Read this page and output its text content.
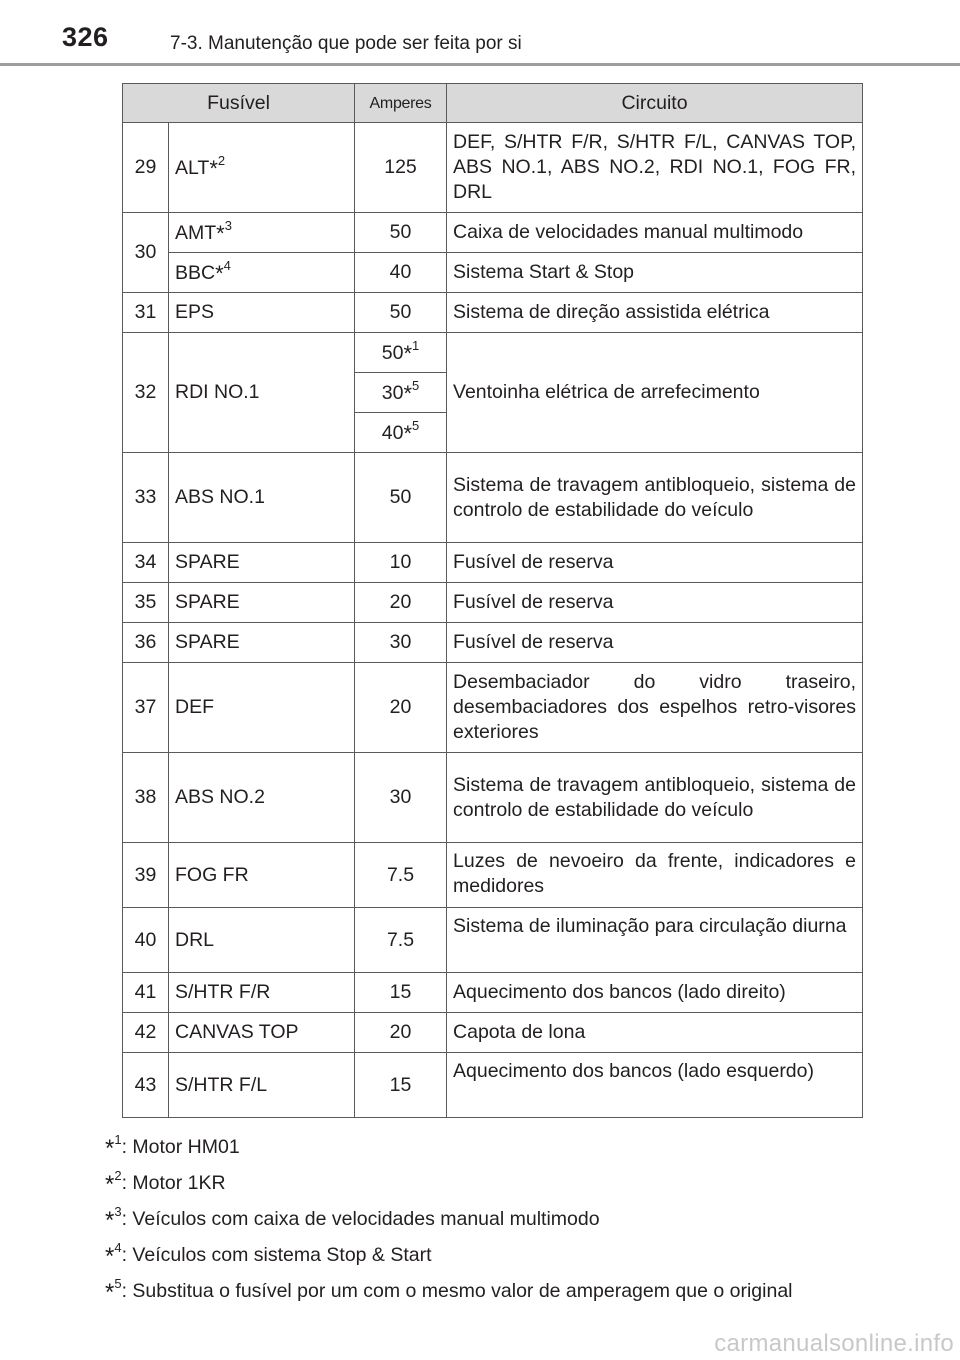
326	7-3. Manutenção que pode ser feita por si
Fusível		Amperes	Circuito
29	ALT*$^2$	125	DEF, S/HTR F/R, S/HTR F/L, CANVAS TOP, ABS NO.1, ABS NO.2, RDI NO.1, FOG FR, DRL
30	AMT*$^3$	50	Caixa de velocidades manual multimodo
	BBC*$^4$	40	Sistema Start & Stop
31	EPS	50	Sistema de direção assistida elétrica
32	RDI NO.1	50*$^1$	Ventoinha elétrica de arrefecimento
		30*$^5$
		40*$^5$
33	ABS NO.1	50	Sistema de travagem antibloqueio, sistema de controlo de estabilidade do veículo
34	SPARE	10	Fusível de reserva
35	SPARE	20	Fusível de reserva
36	SPARE	30	Fusível de reserva
37	DEF	20	Desembaciador do vidro traseiro, desembaciadores dos espelhos retro-visores exteriores
38	ABS NO.2	30	Sistema de travagem antibloqueio, sistema de controlo de estabilidade do veículo
39	FOG FR	7.5	Luzes de nevoeiro da frente, indicadores e medidores
40	DRL	7.5	Sistema de iluminação para circulação diurna
41	S/HTR F/R	15	Aquecimento dos bancos (lado direito)
42	CANVAS TOP	20	Capota de lona
43	S/HTR F/L	15	Aquecimento dos bancos (lado esquerdo)
*$^1$: Motor HM01
*$^2$: Motor 1KR
*$^3$: Veículos com caixa de velocidades manual multimodo
*$^4$: Veículos com sistema Stop & Start
*$^5$: Substitua o fusível por um com o mesmo valor de amperagem que o original
carmanualsonline.info
